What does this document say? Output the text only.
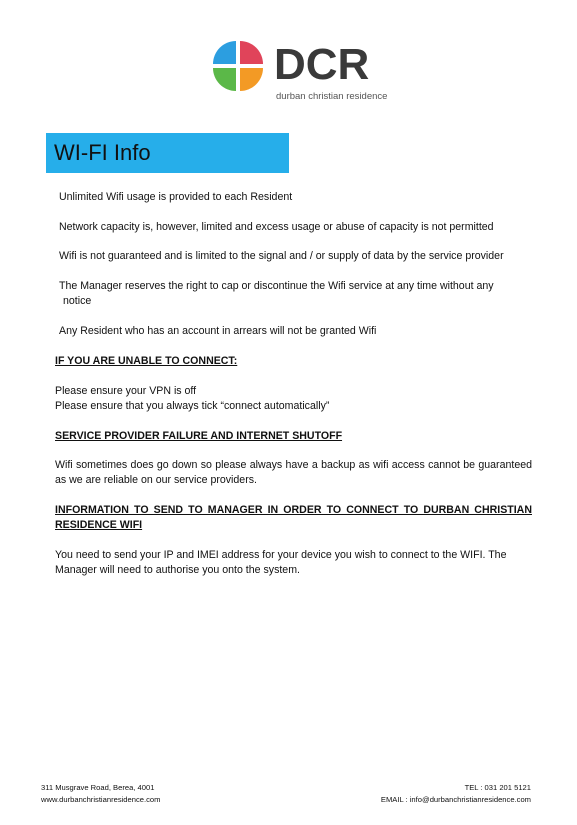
DCR
durban christian residence
WI-FI Info
Unlimited Wifi usage is provided to each Resident
Network capacity is, however, limited and excess usage or abuse of capacity is not permitted
Wifi is not guaranteed and is limited to the signal and / or supply of data by the service provider
The Manager reserves the right to cap or discontinue the Wifi service at any time without any
notice
Any Resident who has an account in arrears will not be granted Wifi
IF YOU ARE UNABLE TO CONNECT:
Please ensure your VPN is off
Please ensure that you always tick “connect automatically”
SERVICE PROVIDER FAILURE AND INTERNET SHUTOFF
Wifi sometimes does go down so please always have a backup as wifi access cannot be guaranteed as we are reliable on our service providers.
INFORMATION TO SEND TO MANAGER IN ORDER TO CONNECT TO DURBAN CHRISTIAN RESIDENCE WIFI
You need to send your IP and IMEI address for your device you wish to connect to the WIFI. The Manager will need to authorise you onto the system.
311 Musgrave Road, Berea, 4001
www.durbanchristianresidence.com
TEL : 031 201 5121
EMAIL : info@durbanchristianresidence.com
